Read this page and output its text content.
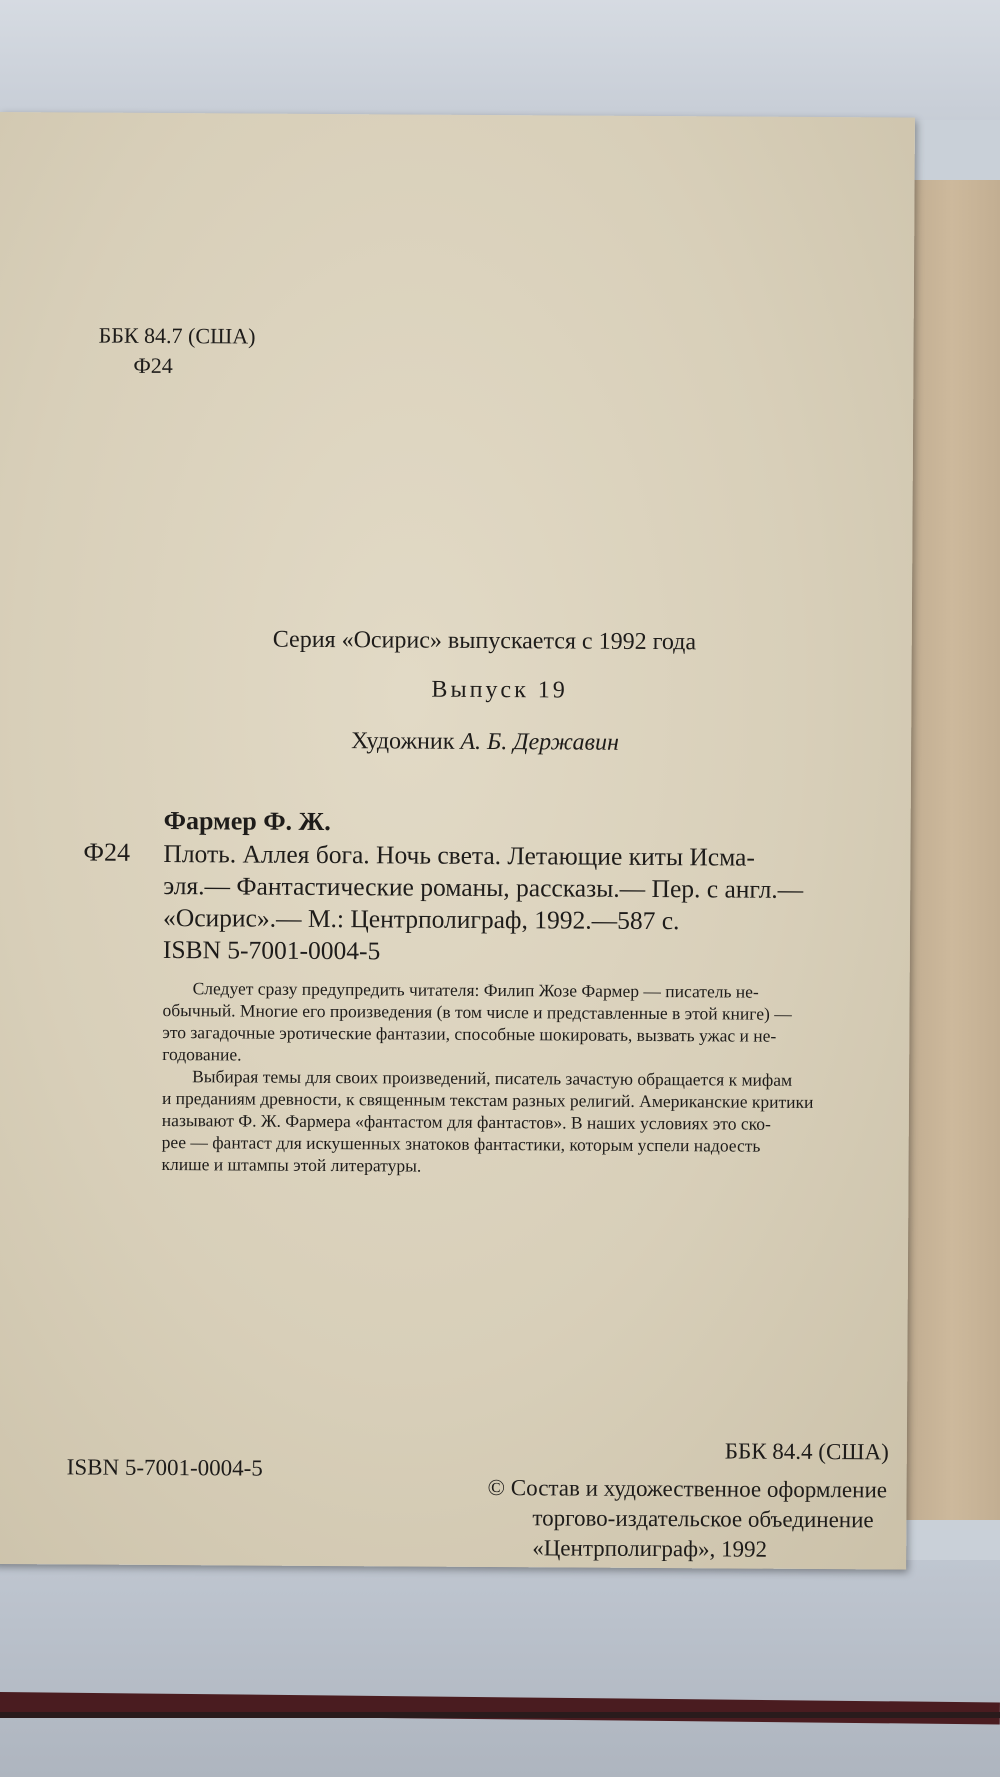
ББК 84.7 (США)
Ф24
Серия «Осирис» выпускается с 1992 года
Выпуск 19
Художник А. Б. Державин
Фармер Ф. Ж.
Ф24 Плоть. Аллея бога. Ночь света. Летающие киты Исма-
эля.— Фантастические романы, рассказы.— Пер. с англ.—
«Осирис».— М.: Центрполиграф, 1992.—587 с.
ISBN 5-7001-0004-5
Следует сразу предупредить читателя: Филип Жозе Фармер — писатель не-
обычный. Многие его произведения (в том числе и представленные в этой книге) —
это загадочные эротические фантазии, способные шокировать, вызвать ужас и не-
годование.
Выбирая темы для своих произведений, писатель зачастую обращается к мифам
и преданиям древности, к священным текстам разных религий. Американские критики
называют Ф. Ж. Фармера «фантастом для фантастов». В наших условиях это ско-
рее — фантаст для искушенных знатоков фантастики, которым успели надоесть
клише и штампы этой литературы.
ISBN 5-7001-0004-5
ББК 84.4 (США)
© Состав и художественное оформление
торгово-издательское объединение
«Центрполиграф», 1992
